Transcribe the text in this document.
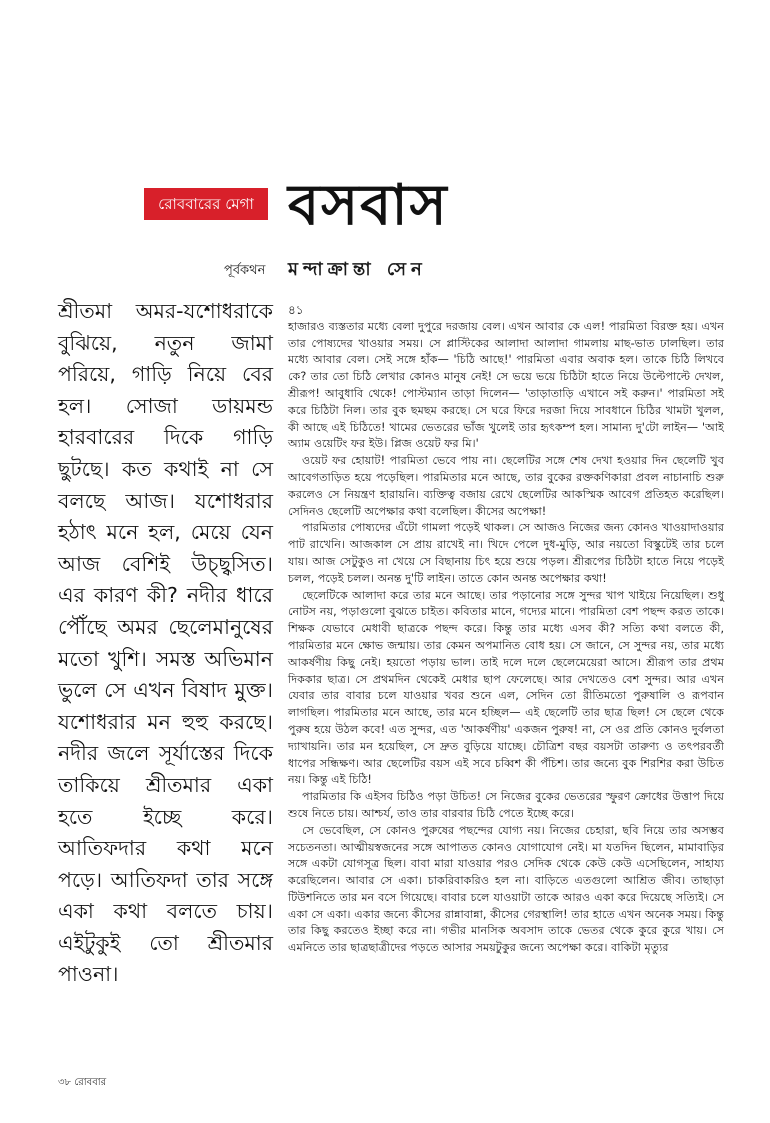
রোববারের মেগা বসবাস
পূর্বকথন মন্দাক্রান্তা সেন

শ্রীতমা অমর-যশোধরাকে বুঝিয়ে, নতুন জামা পরিয়ে, গাড়ি নিয়ে বের হল। সোজা ডায়মন্ড হারবারের দিকে গাড়ি ছুটছে। কত কথাই না সে বলছে আজ। যশোধরার হঠাৎ মনে হল, মেয়ে যেন আজ বেশিই উচ্ছ্বসিত। এর কারণ কী? নদীর ধারে পৌঁছে অমর ছেলেমানুষের মতো খুশি। সমস্ত অভিমান ভুলে সে এখন বিষাদ মুক্ত। যশোধরার মন হুহু করছে। নদীর জলে সূর্যাস্তের দিকে তাকিয়ে শ্রীতমার একা হতে ইচ্ছে করে। আতিফদার কথা মনে পড়ে। আতিফদা তার সঙ্গে একা কথা বলতে চায়। এইটুকুই তো শ্রীতমার পাওনা।

৪১

হাজারও ব্যস্ততার মধ্যে বেলা দুপুরে দরজায় বেল। এখন আবার কে এল! পারমিতা বিরক্ত হয়। এখন তার পোষ্যদের খাওয়ার সময়। সে প্লাস্টিকের আলাদা আলাদা গামলায় মাছ-ভাত ঢালছিল। তার মধ্যে আবার বেল। সেই সঙ্গে হাঁক— 'চিঠি আছে!' পারমিতা এবার অবাক হল। তাকে চিঠি লিখবে কে? তার তো চিঠি লেখার কোনও মানুষ নেই! সে ভয়ে ভয়ে চিঠিটা হাতে নিয়ে উল্টেপাল্টে দেখল, শ্রীরূপ! আবুধাবি থেকে! পোস্টম্যান তাড়া দিলেন— 'তাড়াতাড়ি এখানে সই করুন।' পারমিতা সই করে চিঠিটা নিল। তার বুক ছমছম করছে। সে ঘরে ফিরে দরজা দিয়ে সাবধানে চিঠির খামটা খুলল, কী আছে এই চিঠিতে! খামের ভেতরের ভাঁজ খুলেই তার হৃৎকম্প হল। সামান্য দু'টো লাইন— 'আই অ্যাম ওয়েটিং ফর ইউ। প্লিজ ওয়েট ফর মি।'

ওয়েট ফর হোয়াট! পারমিতা ভেবে পায় না। ছেলেটির সঙ্গে শেষ দেখা হওয়ার দিন ছেলেটি খুব আবেগতাড়িত হয়ে পড়েছিল। পারমিতার মনে আছে, তার বুকের রক্তকণিকারা প্রবল নাচানাচি শুরু করলেও সে নিয়ন্ত্রণ হারায়নি। ব্যক্তিত্ব বজায় রেখে ছেলেটির আকস্মিক আবেগ প্রতিহত করেছিল। সেদিনও ছেলেটি অপেক্ষার কথা বলেছিল। কীসের অপেক্ষা!

পারমিতার পোষ্যদের এঁটো গামলা পড়েই থাকল। সে আজও নিজের জন্য কোনও খাওয়াদাওয়ার পাট রাখেনি। আজকাল সে প্রায় রাখেই না। খিদে পেলে দুধ-মুড়ি, আর নয়তো বিস্কুটেই তার চলে যায়। আজ সেটুকুও না খেয়ে সে বিছানায় চিৎ হয়ে শুয়ে পড়ল। শ্রীরূপের চিঠিটা হাতে নিয়ে পড়েই চলল, পড়েই চলল। অনন্ত দু'টি লাইন। তাতে কোন অনন্ত অপেক্ষার কথা!

ছেলেটিকে আলাদা করে তার মনে আছে। তার পড়ানোর সঙ্গে সুন্দর খাপ খাইয়ে নিয়েছিল। শুধু নোটস নয়, পড়াগুলো বুঝতে চাইত। কবিতার মানে, গদ্যের মানে। পারমিতা বেশ পছন্দ করত তাকে। শিক্ষক যেভাবে মেধাবী ছাত্রকে পছন্দ করে। কিন্তু তার মধ্যে এসব কী? সত্যি কথা বলতে কী, পারমিতার মনে ক্ষোভ জন্মায়। তার কেমন অপমানিত বোধ হয়। সে জানে, সে সুন্দর নয়, তার মধ্যে আকর্ষণীয় কিছু নেই। হয়তো পড়ায় ভাল। তাই দলে দলে ছেলেমেয়েরা আসে। শ্রীরূপ তার প্রথম দিককার ছাত্র। সে প্রথমদিন থেকেই মেধার ছাপ ফেলেছে। আর দেখতেও বেশ সুন্দর। আর এখন যেবার তার বাবার চলে যাওয়ার খবর শুনে এল, সেদিন তো রীতিমতো পুরুষালি ও রূপবান লাগছিল। পারমিতার মনে আছে, তার মনে হচ্ছিল— এই ছেলেটি তার ছাত্র ছিল! সে ছেলে থেকে পুরুষ হয়ে উঠল কবে! এত সুন্দর, এত 'আকর্ষণীয়' একজন পুরুষ! না, সে ওর প্রতি কোনও দুর্বলতা দ্যাখায়নি। তার মন হয়েছিল, সে দ্রুত বুড়িয়ে যাচ্ছে। চৌত্রিশ বছর বয়সটা তারুণ্য ও তৎপরবর্তী ধাপের সন্ধিক্ষণ। আর ছেলেটির বয়স এই সবে চব্বিশ কী পঁচিশ। তার জন্যে বুক শিরশির করা উচিত নয়। কিন্তু এই চিঠি!

পারমিতার কি এইসব চিঠিও পড়া উচিত! সে নিজের বুকের ভেতরের স্ফুরণ ক্রোধের উত্তাপ দিয়ে শুষে নিতে চায়। আশ্চর্য, তাও তার বারবার চিঠি পেতে ইচ্ছে করে।

সে ভেবেছিল, সে কোনও পুরুষের পছন্দের যোগ্য নয়। নিজের চেহারা, ছবি নিয়ে তার অসম্ভব সচেতনতা। আত্মীয়স্বজনের সঙ্গে আপাতত কোনও যোগাযোগ নেই। মা যতদিন ছিলেন, মামাবাড়ির সঙ্গে একটা যোগসূত্র ছিল। বাবা মারা যাওয়ার পরও সেদিক থেকে কেউ কেউ এসেছিলেন, সাহায্য করেছিলেন। আবার সে একা। চাকরিবাকরিও হল না। বাড়িতে এতগুলো আশ্রিত জীব। তাছাড়া টিউশনিতে তার মন বসে গিয়েছে। বাবার চলে যাওয়াটা তাকে আরও একা করে দিয়েছে সত্যিই। সে একা সে একা। একার জন্যে কীসের রান্নাবান্না, কীসের গেরস্থালি! তার হাতে এখন অনেক সময়। কিন্তু তার কিছু করতেও ইচ্ছা করে না। গভীর মানসিক অবসাদ তাকে ভেতর থেকে কুরে কুরে খায়। সে এমনিতে তার ছাত্রছাত্রীদের পড়তে আসার সময়টুকুর জন্যে অপেক্ষা করে। বাকিটা মৃত্যুর

৩৮ রোববার
